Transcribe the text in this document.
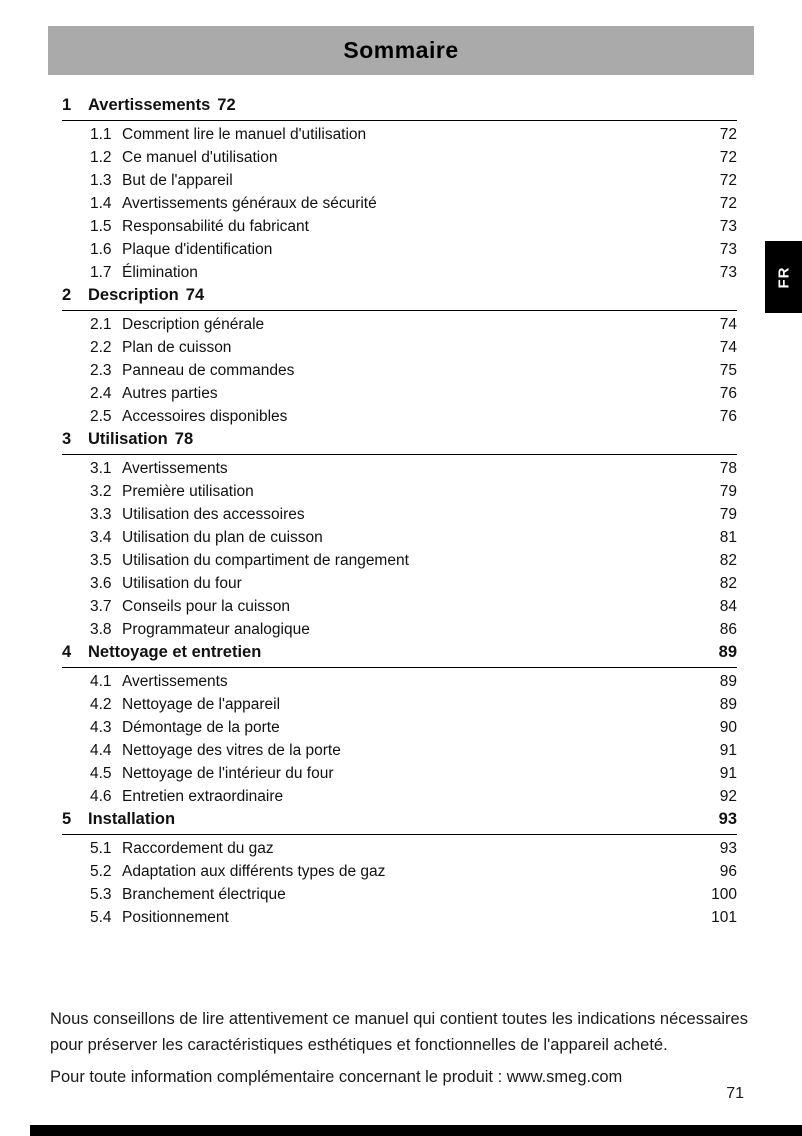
Sommaire
FR
1	Avertissements 72
1.1 Comment lire le manuel d'utilisation	72
1.2 Ce manuel d'utilisation	72
1.3 But de l'appareil	72
1.4 Avertissements généraux de sécurité	72
1.5 Responsabilité du fabricant	73
1.6 Plaque d'identification	73
1.7 Élimination	73
2	Description 74
2.1 Description générale	74
2.2 Plan de cuisson	74
2.3 Panneau de commandes	75
2.4 Autres parties	76
2.5 Accessoires disponibles	76
3	Utilisation 78
3.1 Avertissements	78
3.2 Première utilisation	79
3.3 Utilisation des accessoires	79
3.4 Utilisation du plan de cuisson	81
3.5 Utilisation du compartiment de rangement	82
3.6 Utilisation du four	82
3.7 Conseils pour la cuisson	84
3.8 Programmateur analogique	86
4	Nettoyage et entretien	89
4.1 Avertissements	89
4.2 Nettoyage de l'appareil	89
4.3 Démontage de la porte	90
4.4 Nettoyage des vitres de la porte	91
4.5 Nettoyage de l'intérieur du four	91
4.6 Entretien extraordinaire	92
5	Installation	93
5.1 Raccordement du gaz	93
5.2 Adaptation aux différents types de gaz	96
5.3 Branchement électrique	100
5.4 Positionnement	101

Nous conseillons de lire attentivement ce manuel qui contient toutes les indications nécessaires pour préserver les caractéristiques esthétiques et fonctionnelles de l'appareil acheté.

Pour toute information complémentaire concernant le produit : www.smeg.com

71
